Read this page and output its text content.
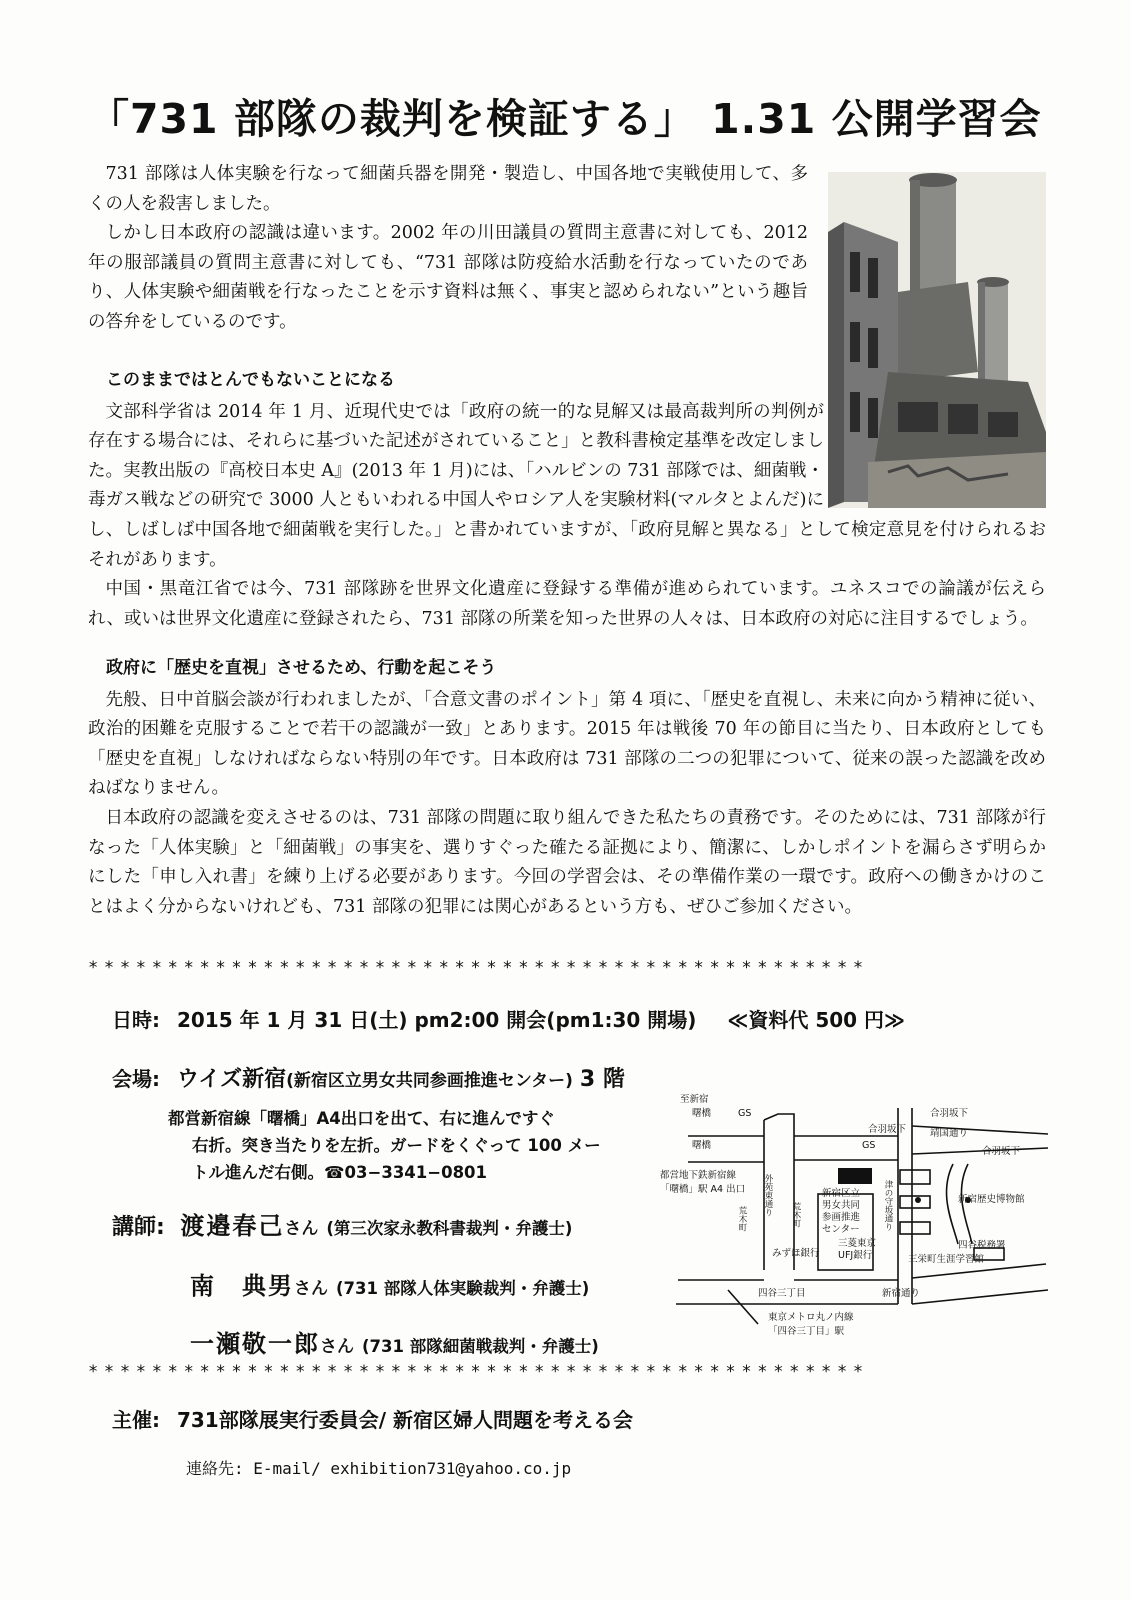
「731 部隊の裁判を検証する」 1.31 公開学習会

731 部隊は人体実験を行なって細菌兵器を開発・製造し、中国各地で実戦使用して、多くの人を殺害しました。

しかし日本政府の認識は違います。2002 年の川田議員の質問主意書に対しても、2012 年の服部議員の質問主意書に対しても、“731 部隊は防疫給水活動を行なっていたのであり、人体実験や細菌戦を行なったことを示す資料は無く、事実と認められない”という趣旨の答弁をしているのです。

このままではとんでもないことになる

文部科学省は 2014 年 1 月、近現代史では「政府の統一的な見解又は最高裁判所の判例が存在する場合には、それらに基づいた記述がされていること」と教科書検定基準を改定しました。実教出版の『高校日本史 A』(2013 年 1 月)には、「ハルビンの 731 部隊では、細菌戦・毒ガス戦などの研究で 3000 人ともいわれる中国人やロシア人を実験材料(マルタとよんだ)にし、しばしば中国各地で細菌戦を実行した。」と書かれていますが、「政府見解と異なる」として検定意見を付けられるおそれがあります。

中国・黒竜江省では今、731 部隊跡を世界文化遺産に登録する準備が進められています。ユネスコでの論議が伝えられ、或いは世界文化遺産に登録されたら、731 部隊の所業を知った世界の人々は、日本政府の対応に注目するでしょう。

政府に「歴史を直視」させるため、行動を起こそう

先般、日中首脳会談が行われましたが、「合意文書のポイント」第 4 項に、「歴史を直視し、未来に向かう精神に従い、政治的困難を克服することで若干の認識が一致」とあります。2015 年は戦後 70 年の節目に当たり、日本政府としても「歴史を直視」しなければならない特別の年です。日本政府は 731 部隊の二つの犯罪について、従来の誤った認識を改めねばなりません。

日本政府の認識を変えさせるのは、731 部隊の問題に取り組んできた私たちの責務です。そのためには、731 部隊が行なった「人体実験」と「細菌戦」の事実を、選りすぐった確たる証拠により、簡潔に、しかしポイントを漏らさず明らかにした「申し入れ書」を練り上げる必要があります。今回の学習会は、その準備作業の一環です。政府への働きかけのことはよく分からないけれども、731 部隊の犯罪には関心があるという方も、ぜひご参加ください。

*************************************************
日時: 2015 年 1 月 31 日(土) pm2:00 開会(pm1:30 開場) ≪資料代 500 円≫
会場: ウイズ新宿(新宿区立男女共同参画推進センター) 3 階
都営新宿線「曙橋」A4出口を出て、右に進んですぐ
右折。突き当たりを左折。ガードをくぐって 100 メー
トル進んだ右側。☎03−3341−0801
講師: 渡邉春己さん (第三次家永教科書裁判・弁護士)
南　典男さん (731 部隊人体実験裁判・弁護士)
一瀬敬一郎さん (731 部隊細菌戦裁判・弁護士)
至新宿
曙橋	GS
曙橋	GS
都営地下鉄新宿線
「曙橋」駅 A4 出口 外苑東通り
荒木町	荒木町
みずほ銀行
新宿区立
男女共同
参画推進
センター
三菱東京
UFJ銀行
津の守坂通り
合羽坂下
合羽坂下	靖国通り
合羽坂下
新宿歴史博物館
四谷税務署
三栄町生涯学習館
四谷三丁目	新宿通り
東京メトロ丸ノ内線
「四谷三丁目」駅
*************************************************
主催: 731部隊展実行委員会/ 新宿区婦人問題を考える会
連絡先: E-mail/ exhibition731@yahoo.co.jp
